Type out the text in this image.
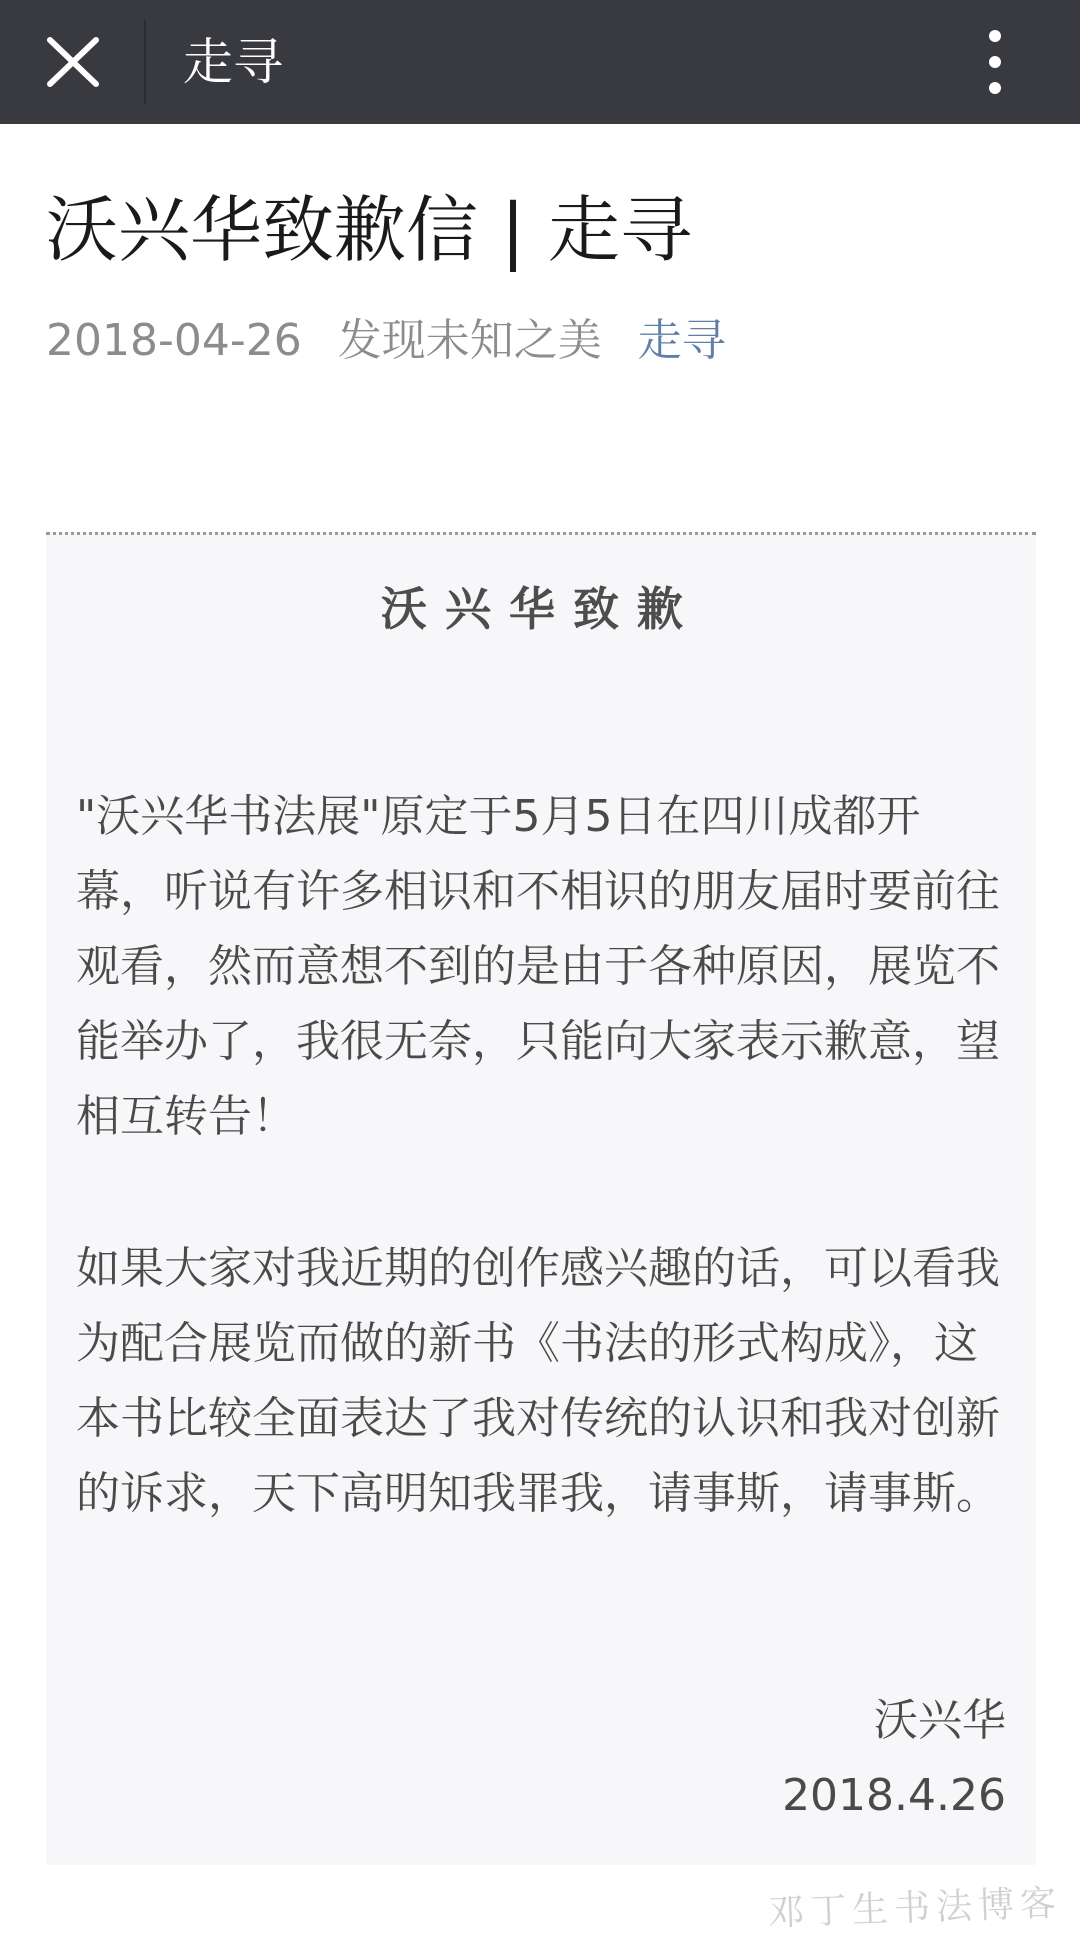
走寻
沃兴华致歉信 | 走寻
2018-04-26 发现未知之美 走寻
沃兴华致歉
"沃兴华书法展"原定于5月5日在四川成都开幕，听说有许多相识和不相识的朋友届时要前往观看，然而意想不到的是由于各种原因，展览不能举办了，我很无奈，只能向大家表示歉意，望相互转告！
如果大家对我近期的创作感兴趣的话，可以看我为配合展览而做的新书《书法的形式构成》，这本书比较全面表达了我对传统的认识和我对创新的诉求，天下高明知我罪我，请事斯，请事斯。
沃兴华
2018.4.26
邓丁生书法博客
